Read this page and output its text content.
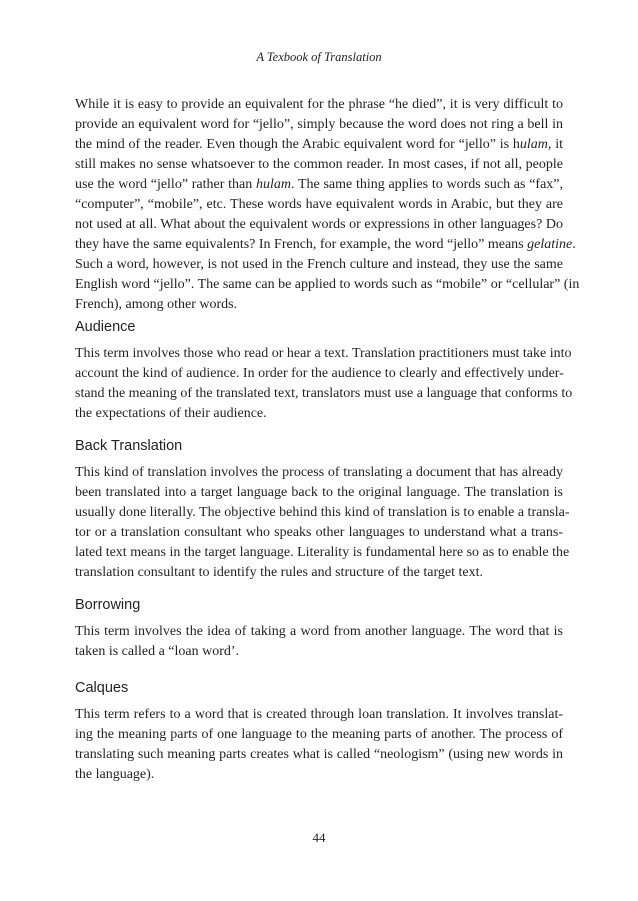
A Texbook of Translation

While it is easy to provide an equivalent for the phrase “he died”, it is very difficult to
provide an equivalent word for “jello”, simply because the word does not ring a bell in
the mind of the reader. Even though the Arabic equivalent word for “jello” is hulam, it
still makes no sense whatsoever to the common reader. In most cases, if not all, people
use the word “jello” rather than hulam. The same thing applies to words such as “fax”,
“computer”, “mobile”, etc. These words have equivalent words in Arabic, but they are
not used at all. What about the equivalent words or expressions in other languages? Do
they have the same equivalents? In French, for example, the word “jello” means gelatine.
Such a word, however, is not used in the French culture and instead, they use the same
English word “jello”. The same can be applied to words such as “mobile” or “cellular” (in
French), among other words.

Audience

This term involves those who read or hear a text. Translation practitioners must take into
account the kind of audience. In order for the audience to clearly and effectively under-
stand the meaning of the translated text, translators must use a language that conforms to
the expectations of their audience.

Back Translation

This kind of translation involves the process of translating a document that has already
been translated into a target language back to the original language. The translation is
usually done literally. The objective behind this kind of translation is to enable a transla-
tor or a translation consultant who speaks other languages to understand what a trans-
lated text means in the target language. Literality is fundamental here so as to enable the
translation consultant to identify the rules and structure of the target text.

Borrowing

This term involves the idea of taking a word from another language. The word that is
taken is called a “loan word’.

Calques

This term refers to a word that is created through loan translation. It involves translat-
ing the meaning parts of one language to the meaning parts of another. The process of
translating such meaning parts creates what is called “neologism” (using new words in
the language).

44
